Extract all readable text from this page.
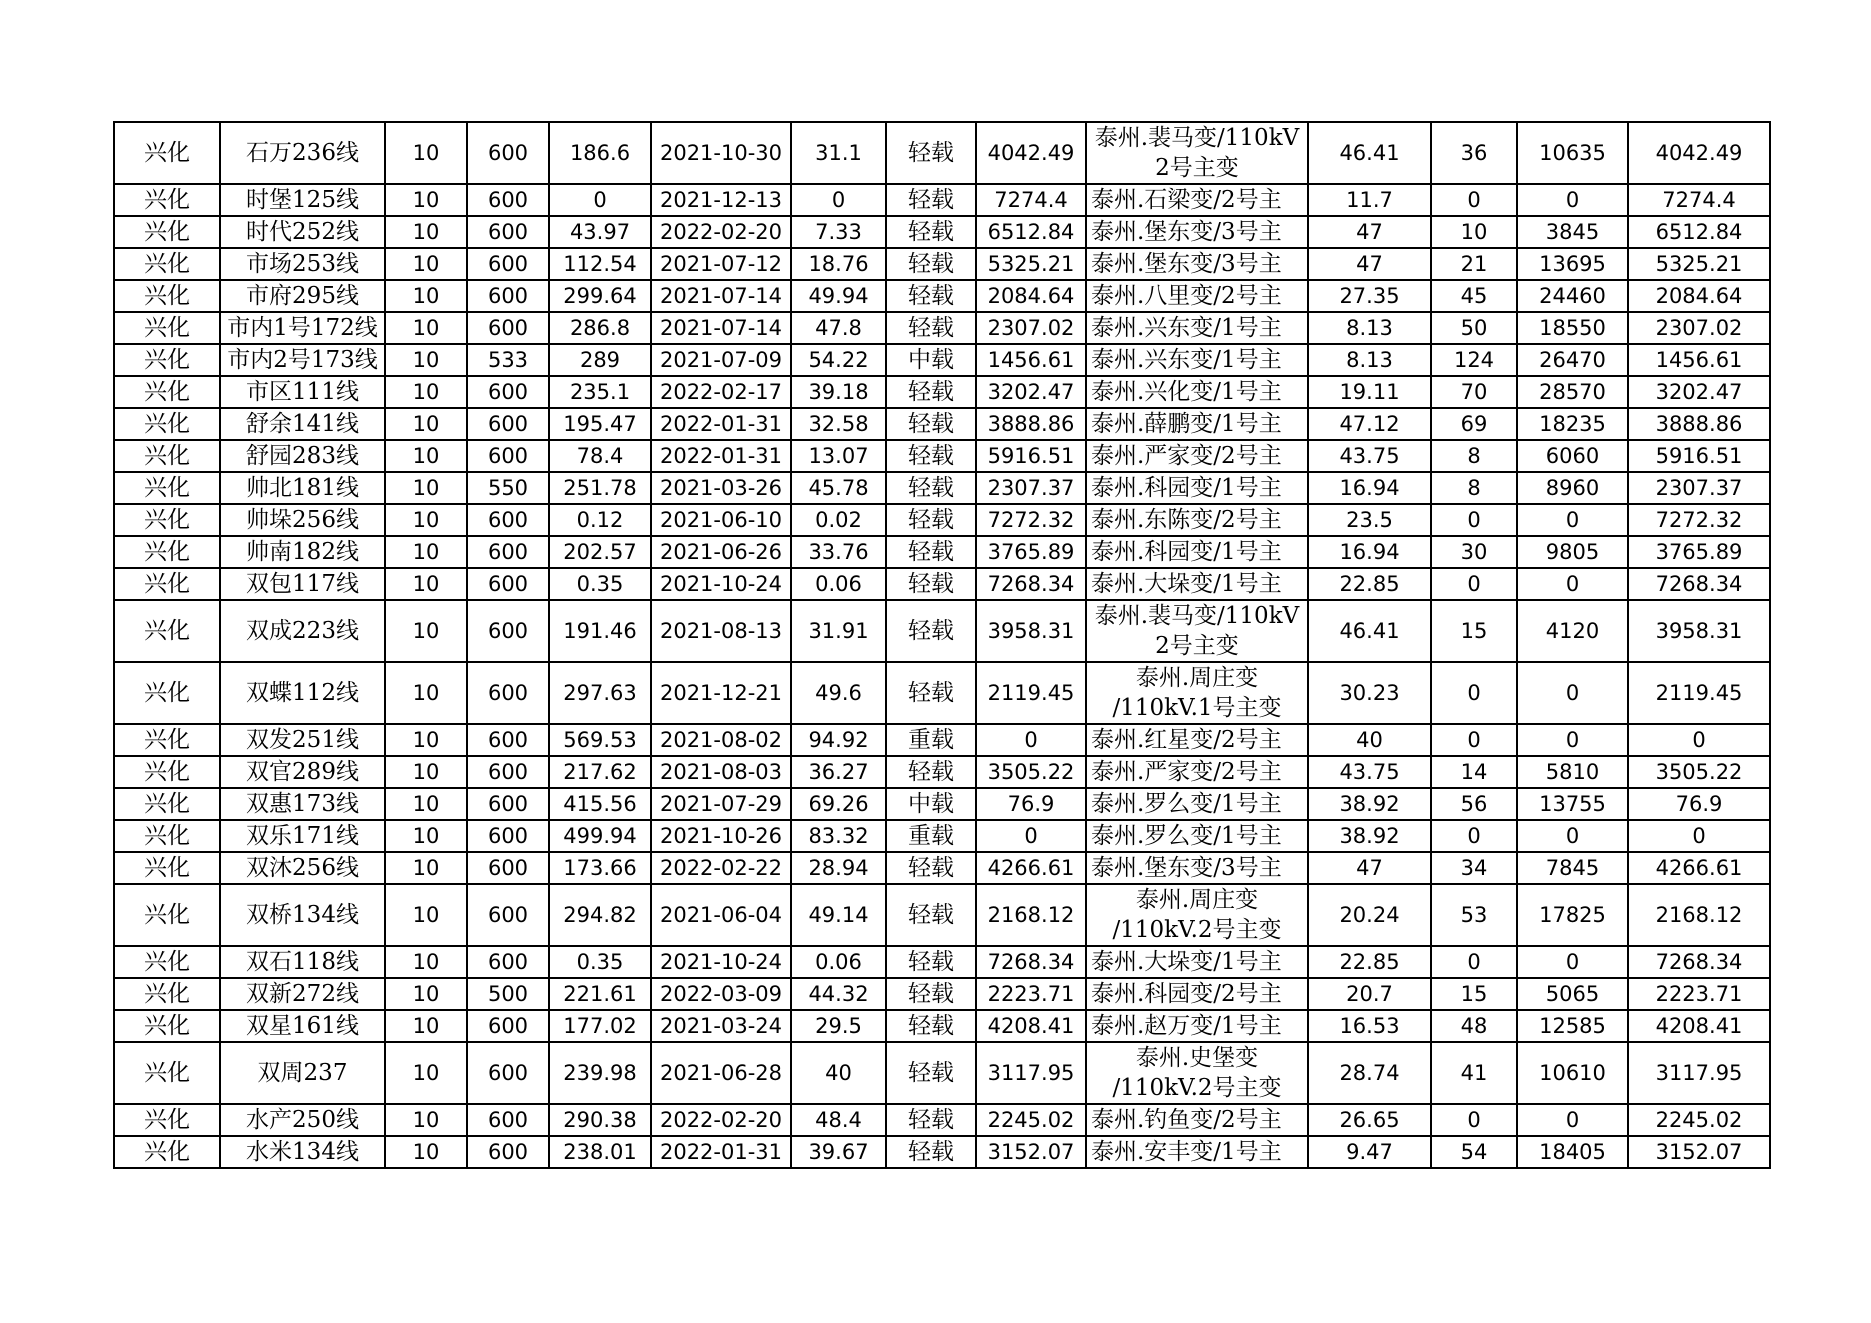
兴化	石万236线	10	600	186.6	2021-10-30	31.1	轻载	4042.49	泰州.裴马变/110kV 2号主变	46.41	36	10635	4042.49
兴化	时堡125线	10	600	0	2021-12-13	0	轻载	7274.4	泰州.石梁变/2号主	11.7	0	0	7274.4
兴化	时代252线	10	600	43.97	2022-02-20	7.33	轻载	6512.84	泰州.堡东变/3号主	47	10	3845	6512.84
兴化	市场253线	10	600	112.54	2021-07-12	18.76	轻载	5325.21	泰州.堡东变/3号主	47	21	13695	5325.21
兴化	市府295线	10	600	299.64	2021-07-14	49.94	轻载	2084.64	泰州.八里变/2号主	27.35	45	24460	2084.64
兴化	市内1号172线	10	600	286.8	2021-07-14	47.8	轻载	2307.02	泰州.兴东变/1号主	8.13	50	18550	2307.02
兴化	市内2号173线	10	533	289	2021-07-09	54.22	中载	1456.61	泰州.兴东变/1号主	8.13	124	26470	1456.61
兴化	市区111线	10	600	235.1	2022-02-17	39.18	轻载	3202.47	泰州.兴化变/1号主	19.11	70	28570	3202.47
兴化	舒余141线	10	600	195.47	2022-01-31	32.58	轻载	3888.86	泰州.薛鹏变/1号主	47.12	69	18235	3888.86
兴化	舒园283线	10	600	78.4	2022-01-31	13.07	轻载	5916.51	泰州.严家变/2号主	43.75	8	6060	5916.51
兴化	帅北181线	10	550	251.78	2021-03-26	45.78	轻载	2307.37	泰州.科园变/1号主	16.94	8	8960	2307.37
兴化	帅垛256线	10	600	0.12	2021-06-10	0.02	轻载	7272.32	泰州.东陈变/2号主	23.5	0	0	7272.32
兴化	帅南182线	10	600	202.57	2021-06-26	33.76	轻载	3765.89	泰州.科园变/1号主	16.94	30	9805	3765.89
兴化	双包117线	10	600	0.35	2021-10-24	0.06	轻载	7268.34	泰州.大垛变/1号主	22.85	0	0	7268.34
兴化	双成223线	10	600	191.46	2021-08-13	31.91	轻载	3958.31	泰州.裴马变/110kV 2号主变	46.41	15	4120	3958.31
兴化	双蝶112线	10	600	297.63	2021-12-21	49.6	轻载	2119.45	泰州.周庄变 /110kV.1号主变	30.23	0	0	2119.45
兴化	双发251线	10	600	569.53	2021-08-02	94.92	重载	0	泰州.红星变/2号主	40	0	0	0
兴化	双官289线	10	600	217.62	2021-08-03	36.27	轻载	3505.22	泰州.严家变/2号主	43.75	14	5810	3505.22
兴化	双惠173线	10	600	415.56	2021-07-29	69.26	中载	76.9	泰州.罗么变/1号主	38.92	56	13755	76.9
兴化	双乐171线	10	600	499.94	2021-10-26	83.32	重载	0	泰州.罗么变/1号主	38.92	0	0	0
兴化	双沐256线	10	600	173.66	2022-02-22	28.94	轻载	4266.61	泰州.堡东变/3号主	47	34	7845	4266.61
兴化	双桥134线	10	600	294.82	2021-06-04	49.14	轻载	2168.12	泰州.周庄变 /110kV.2号主变	20.24	53	17825	2168.12
兴化	双石118线	10	600	0.35	2021-10-24	0.06	轻载	7268.34	泰州.大垛变/1号主	22.85	0	0	7268.34
兴化	双新272线	10	500	221.61	2022-03-09	44.32	轻载	2223.71	泰州.科园变/2号主	20.7	15	5065	2223.71
兴化	双星161线	10	600	177.02	2021-03-24	29.5	轻载	4208.41	泰州.赵万变/1号主	16.53	48	12585	4208.41
兴化	双周237	10	600	239.98	2021-06-28	40	轻载	3117.95	泰州.史堡变 /110kV.2号主变	28.74	41	10610	3117.95
兴化	水产250线	10	600	290.38	2022-02-20	48.4	轻载	2245.02	泰州.钓鱼变/2号主	26.65	0	0	2245.02
兴化	水米134线	10	600	238.01	2022-01-31	39.67	轻载	3152.07	泰州.安丰变/1号主	9.47	54	18405	3152.07
